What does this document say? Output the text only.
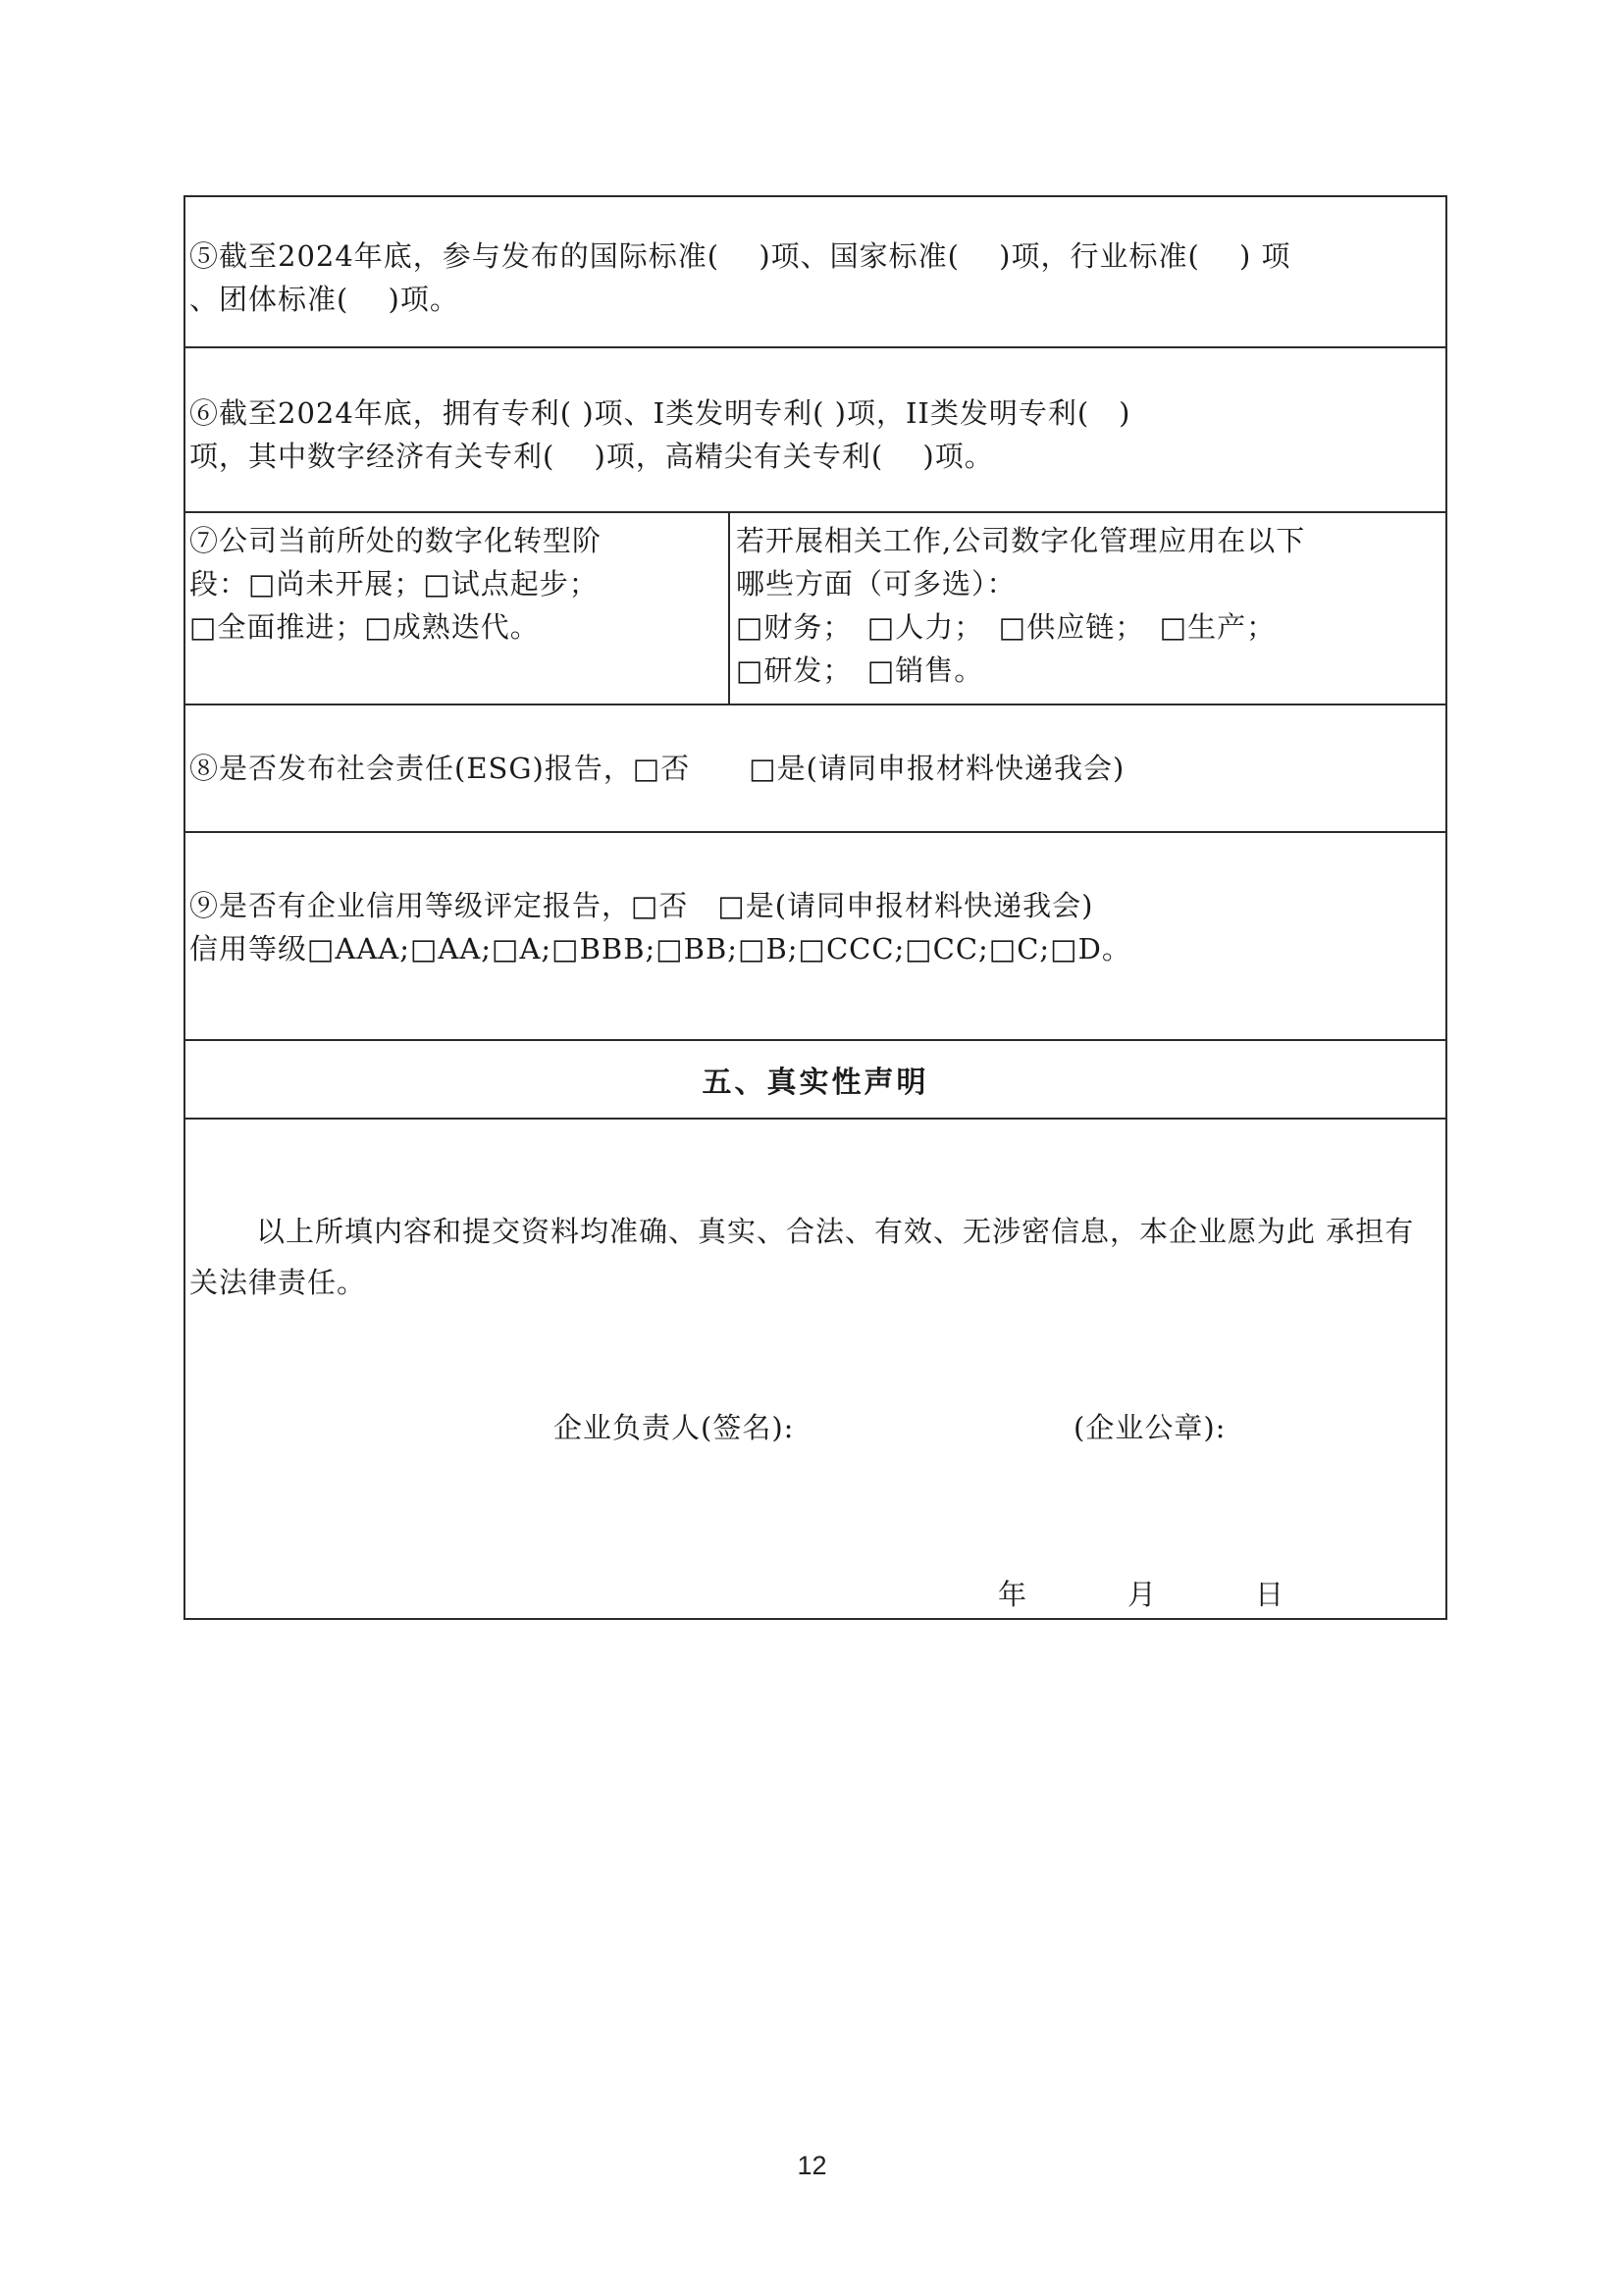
⑤截至2024年底，参与发布的国际标准(　 )项、国家标准(　 )项，行业标准(　 ) 项
、团体标准(　 )项。
⑥截至2024年底，拥有专利( )项、I类发明专利( )项，II类发明专利(　)
项，其中数字经济有关专利(　 )项，高精尖有关专利(　 )项。
⑦公司当前所处的数字化转型阶
段：□尚未开展；□试点起步；
□全面推进；□成熟迭代。
若开展相关工作,公司数字化管理应用在以下
哪些方面（可多选）：
□财务；　□人力；　□供应链；　□生产；
□研发；　□销售。
⑧是否发布社会责任(ESG)报告，□否　　□是(请同申报材料快递我会)
⑨是否有企业信用等级评定报告，□否　□是(请同申报材料快递我会)
信用等级□AAA;□AA;□A;□BBB;□BB;□B;□CCC;□CC;□C;□D。
五、真实性声明
以上所填内容和提交资料均准确、真实、合法、有效、无涉密信息，本企业愿为此 承担有关法律责任。
企业负责人(签名):	(企业公章):
年	月	日
12
